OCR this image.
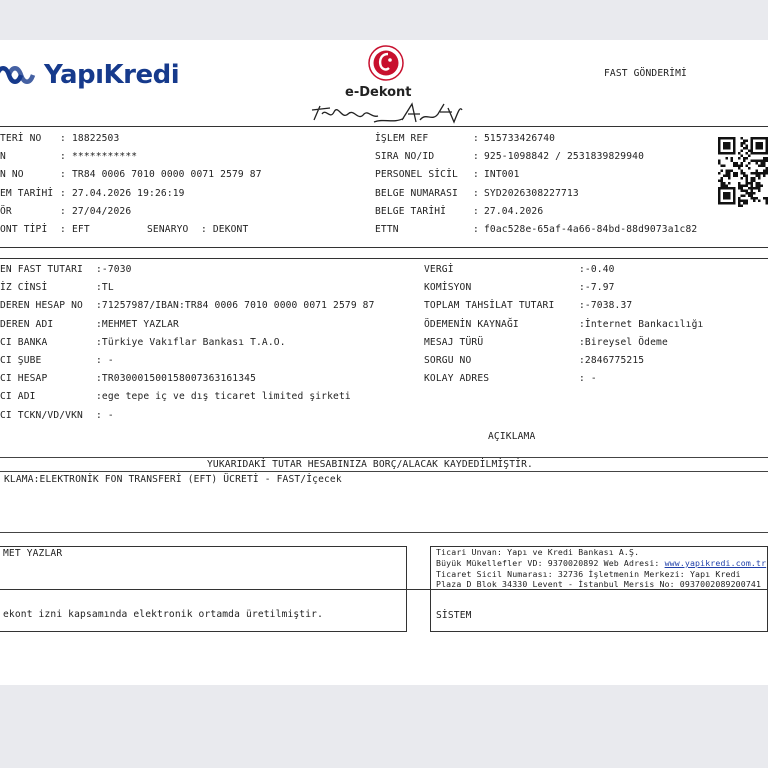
YapıKredi
e-Dekont
FAST GÖNDERİMİ
TERİ NO : 18822503
N	: ***********
N NO	: TR84 0006 7010 0000 0071 2579 87
EM TARİHİ : 27.04.2026 19:26:19
ÖR	: 27/04/2026
ONT TİPİ : EFT	SENARYO : DEKONT
İŞLEM REF	: 515733426740
SIRA NO/ID	: 925-1098842 / 2531839829940
PERSONEL SİCİL : INT001
BELGE NUMARASI : SYD2026308227713
BELGE TARİHİ	: 27.04.2026
ETTN	: f0ac528e-65af-4a66-84bd-88d9073a1c82
EN FAST TUTARI :-7030
İZ CİNSİ	:TL
DEREN HESAP NO :71257987/IBAN:TR84 0006 7010 0000 0071 2579 87
DEREN ADI	:MEHMET YAZLAR
CI BANKA	:Türkiye Vakıflar Bankası T.A.O.
CI ŞUBE	: -
CI HESAP	:TR030001500158007363161345
CI ADI	:ege tepe iç ve dış ticaret limited şirketi
CI TCKN/VD/VKN : -
VERGİ	:-0.40
KOMİSYON	:-7.97
TOPLAM TAHSİLAT TUTARI	:-7038.37
ÖDEMENİN KAYNAĞI	:İnternet Bankacılığı
MESAJ TÜRÜ	:Bireysel Ödeme
SORGU NO	:2846775215
KOLAY ADRES	: -
AÇIKLAMA
YUKARIDAKİ TUTAR HESABINIZA BORÇ/ALACAK KAYDEDİLMİŞTİR.
KLAMA:ELEKTRONİK FON TRANSFERİ (EFT) ÜCRETİ - FAST/İçecek
MET YAZLAR
ekont izni kapsamında elektronik ortamda üretilmiştir.
Ticari Unvan: Yapı ve Kredi Bankası A.Ş.
Büyük Mükellefler VD: 9370020892 Web Adresi: www.yapikredi.com.tr
Ticaret Sicil Numarası: 32736 İşletmenin Merkezi: Yapı Kredi
Plaza D Blok 34330 Levent - İstanbul Mersis No: 0937002089200741
SİSTEM
